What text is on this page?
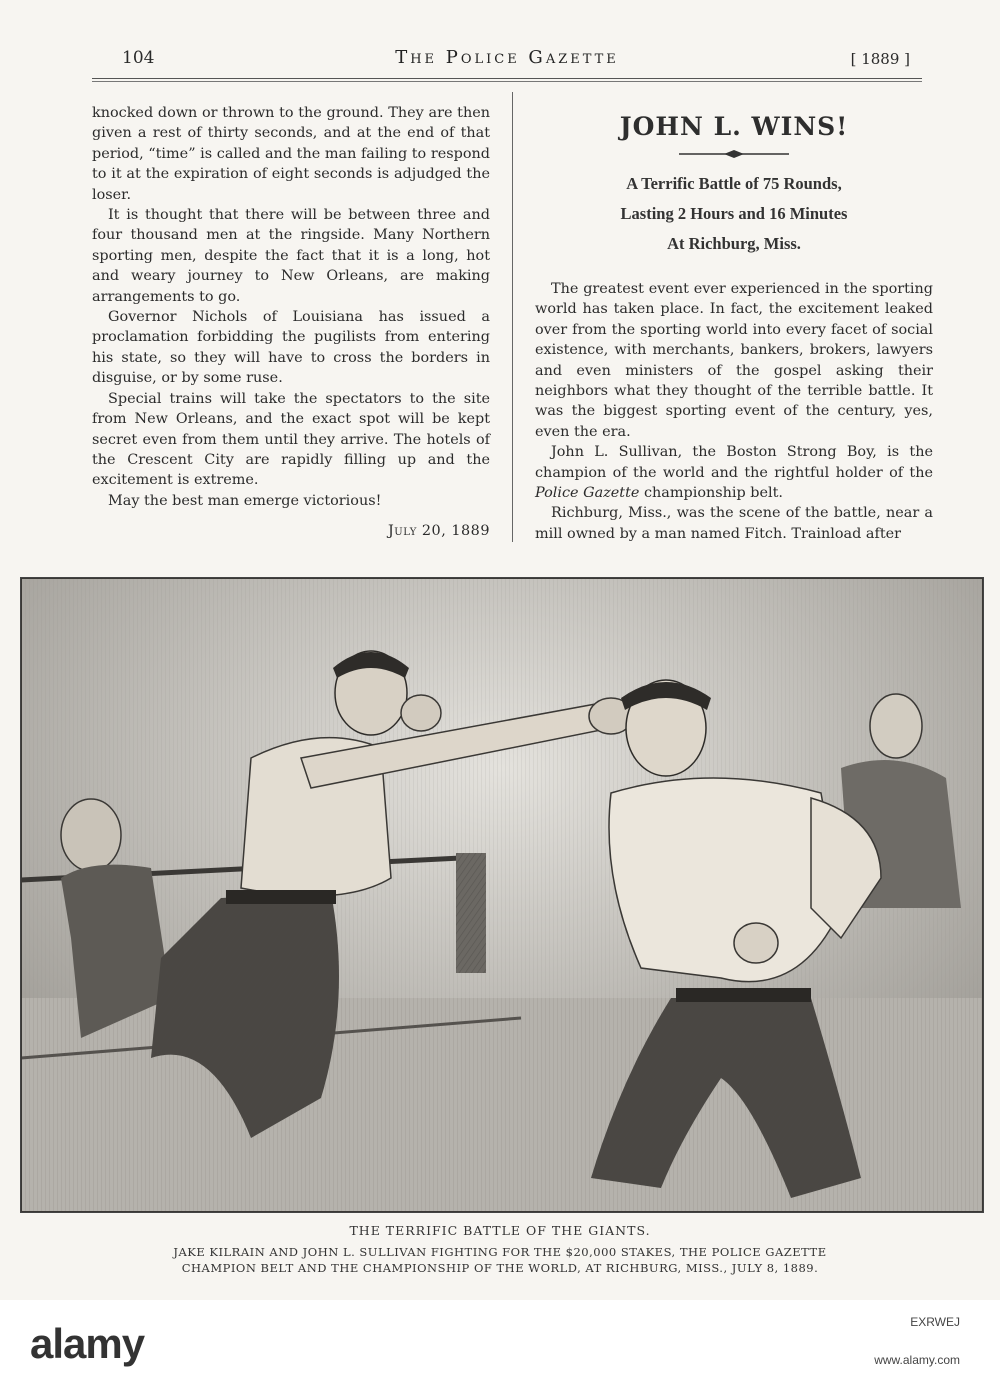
104	The Police Gazette	[ 1889 ]

knocked down or thrown to the ground. They are then given a rest of thirty seconds, and at the end of that period, “time” is called and the man failing to respond to it at the expiration of eight seconds is adjudged the loser.

It is thought that there will be between three and four thousand men at the ringside. Many Northern sporting men, despite the fact that it is a long, hot and weary journey to New Orleans, are making arrangements to go.

Governor Nichols of Louisiana has issued a proclamation forbidding the pugilists from entering his state, so they will have to cross the borders in disguise, or by some ruse.

Special trains will take the spectators to the site from New Orleans, and the exact spot will be kept secret even from them until they arrive. The hotels of the Crescent City are rapidly filling up and the excitement is extreme.

May the best man emerge victorious!

July 20, 1889
JOHN L. WINS!
A Terrific Battle of 75 Rounds,
Lasting 2 Hours and 16 Minutes
At Richburg, Miss.

The greatest event ever experienced in the sporting world has taken place. In fact, the excitement leaked over from the sporting world into every facet of social existence, with merchants, bankers, brokers, lawyers and even ministers of the gospel asking their neighbors what they thought of the terrible battle. It was the biggest sporting event of the century, yes, even the era.

John L. Sullivan, the Boston Strong Boy, is the champion of the world and the rightful holder of the Police Gazette championship belt.

Richburg, Miss., was the scene of the battle, near a mill owned by a man named Fitch. Trainload after

THE TERRIFIC BATTLE OF THE GIANTS.
JAKE KILRAIN AND JOHN L. SULLIVAN FIGHTING FOR THE $20,000 STAKES, THE POLICE GAZETTE CHAMPION BELT AND THE CHAMPIONSHIP OF THE WORLD, AT RICHBURG, MISS., JULY 8, 1889.
alamy	EXRWEJ
www.alamy.com
